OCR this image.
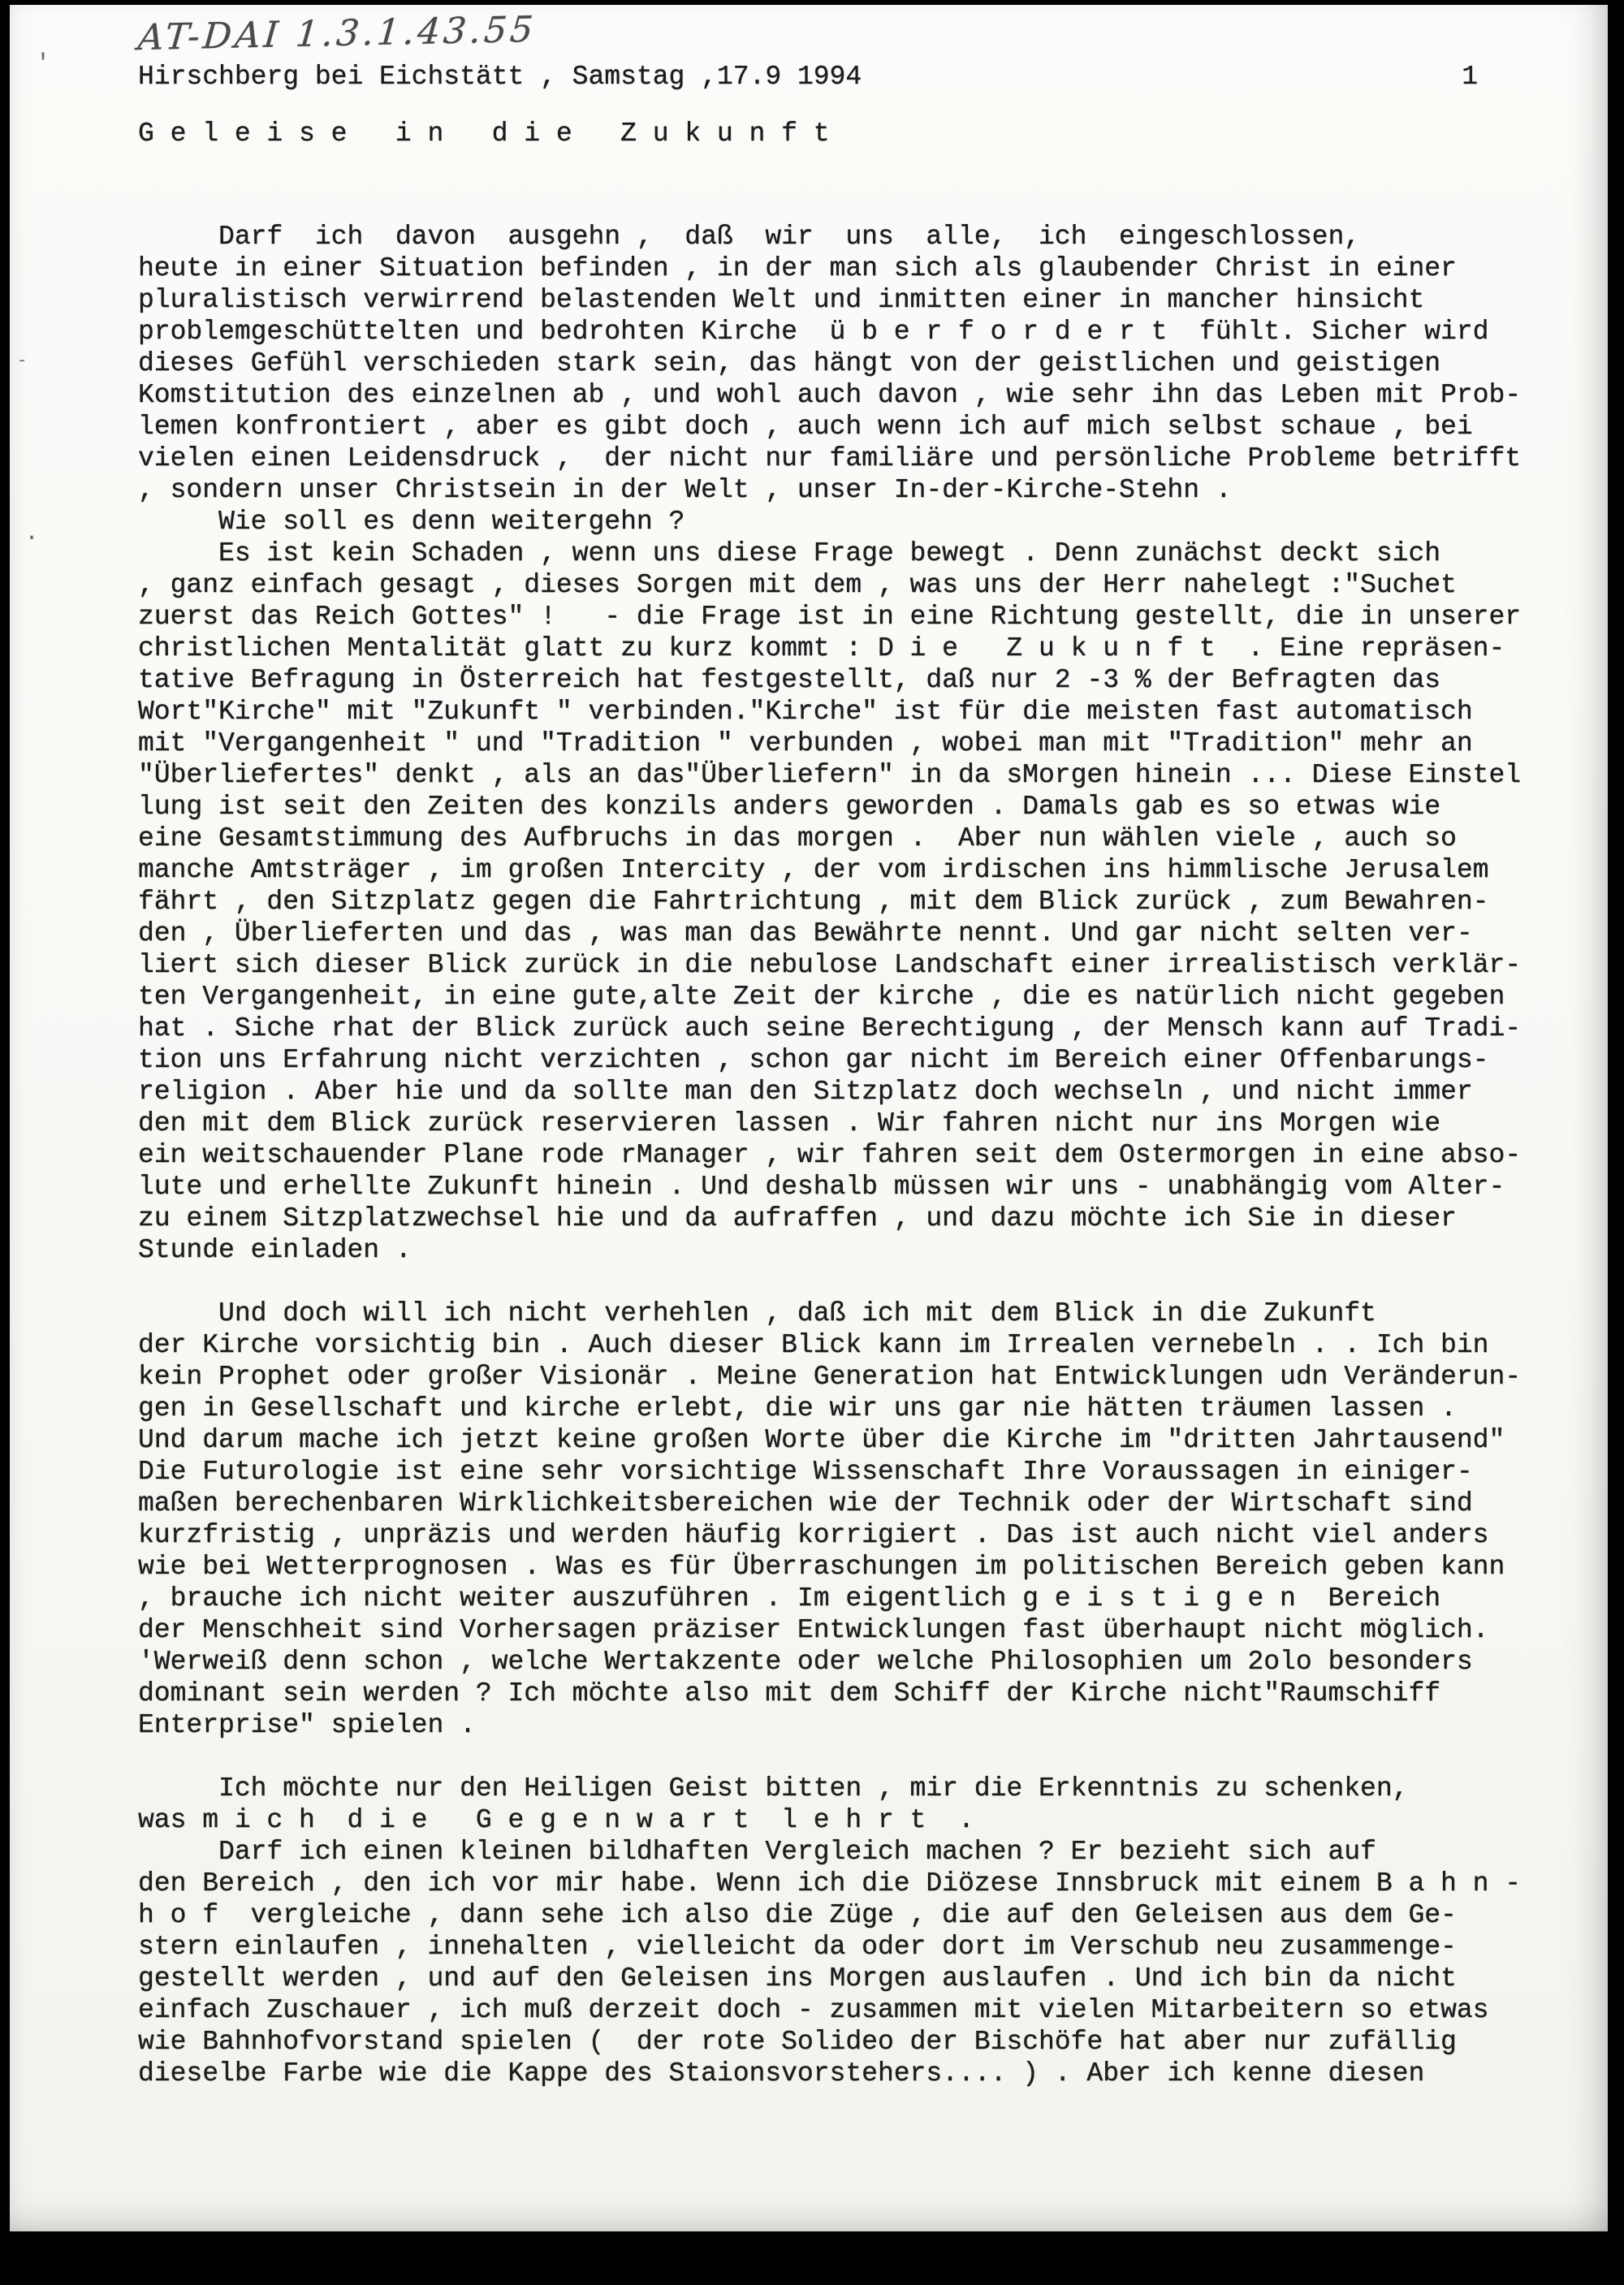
AT-DAI 1.3.1.43.55
Hirschberg bei Eichstätt , Samstag ,17.9 1994	1
G e l e i s e   i n   d i e   Z u k u n f t
Darf  ich  davon  ausgehn ,  daß  wir  uns  alle,  ich  eingeschlossen,
heute in einer Situation befinden , in der man sich als glaubender Christ in einer
pluralistisch verwirrend belastenden Welt und inmitten einer in mancher hinsicht
problemgeschüttelten und bedrohten Kirche  ü b e r f o r d e r t  fühlt. Sicher wird
dieses Gefühl verschieden stark sein, das hängt von der geistlichen und geistigen
Komstitution des einzelnen ab , und wohl auch davon , wie sehr ihn das Leben mit Prob-
lemen konfrontiert , aber es gibt doch , auch wenn ich auf mich selbst schaue , bei
vielen einen Leidensdruck ,  der nicht nur familiäre und persönliche Probleme betrifft
, sondern unser Christsein in der Welt , unser In-der-Kirche-Stehn .
Wie soll es denn weitergehn ?
Es ist kein Schaden , wenn uns diese Frage bewegt . Denn zunächst deckt sich
, ganz einfach gesagt , dieses Sorgen mit dem , was uns der Herr nahelegt :"Suchet
zuerst das Reich Gottes" !   - die Frage ist in eine Richtung gestellt, die in unserer
christlichen Mentalität glatt zu kurz kommt : D i e   Z u k u n f t  . Eine repräsen-
tative Befragung in Österreich hat festgestellt, daß nur 2 -3 % der Befragten das
Wort"Kirche" mit "Zukunft " verbinden."Kirche" ist für die meisten fast automatisch
mit "Vergangenheit " und "Tradition " verbunden , wobei man mit "Tradition" mehr an
"Überliefertes" denkt , als an das"Überliefern" in da sMorgen hinein ... Diese Einstel
lung ist seit den Zeiten des konzils anders geworden . Damals gab es so etwas wie
eine Gesamtstimmung des Aufbruchs in das morgen .  Aber nun wählen viele , auch so
manche Amtsträger , im großen Intercity , der vom irdischen ins himmlische Jerusalem
fährt , den Sitzplatz gegen die Fahrtrichtung , mit dem Blick zurück , zum Bewahren-
den , Überlieferten und das , was man das Bewährte nennt. Und gar nicht selten ver-
liert sich dieser Blick zurück in die nebulose Landschaft einer irrealistisch verklär-
ten Vergangenheit, in eine gute,alte Zeit der kirche , die es natürlich nicht gegeben
hat . Siche rhat der Blick zurück auch seine Berechtigung , der Mensch kann auf Tradi-
tion uns Erfahrung nicht verzichten , schon gar nicht im Bereich einer Offenbarungs-
religion . Aber hie und da sollte man den Sitzplatz doch wechseln , und nicht immer
den mit dem Blick zurück reservieren lassen . Wir fahren nicht nur ins Morgen wie
ein weitschauender Plane rode rManager , wir fahren seit dem Ostermorgen in eine abso-
lute und erhellte Zukunft hinein . Und deshalb müssen wir uns - unabhängig vom Alter-
zu einem Sitzplatzwechsel hie und da aufraffen , und dazu möchte ich Sie in dieser
Stunde einladen .
Und doch will ich nicht verhehlen , daß ich mit dem Blick in die Zukunft
der Kirche vorsichtig bin . Auch dieser Blick kann im Irrealen vernebeln . . Ich bin
kein Prophet oder großer Visionär . Meine Generation hat Entwicklungen udn Veränderun-
gen in Gesellschaft und kirche erlebt, die wir uns gar nie hätten träumen lassen .
Und darum mache ich jetzt keine großen Worte über die Kirche im "dritten Jahrtausend"
Die Futurologie ist eine sehr vorsichtige Wissenschaft Ihre Voraussagen in einiger-
maßen berechenbaren Wirklichkeitsbereichen wie der Technik oder der Wirtschaft sind
kurzfristig , unpräzis und werden häufig korrigiert . Das ist auch nicht viel anders
wie bei Wetterprognosen . Was es für Überraschungen im politischen Bereich geben kann
, brauche ich nicht weiter auszuführen . Im eigentlich g e i s t i g e n  Bereich
der Menschheit sind Vorhersagen präziser Entwicklungen fast überhaupt nicht möglich.
'Werweiß denn schon , welche Wertakzente oder welche Philosophien um 2olo besonders
dominant sein werden ? Ich möchte also mit dem Schiff der Kirche nicht"Raumschiff
Enterprise" spielen .
Ich möchte nur den Heiligen Geist bitten , mir die Erkenntnis zu schenken,
was m i c h  d i e   G e g e n w a r t  l e h r t  .
Darf ich einen kleinen bildhaften Vergleich machen ? Er bezieht sich auf
den Bereich , den ich vor mir habe. Wenn ich die Diözese Innsbruck mit einem B a h n -
h o f  vergleiche , dann sehe ich also die Züge , die auf den Geleisen aus dem Ge-
stern einlaufen , innehalten , vielleicht da oder dort im Verschub neu zusammenge-
gestellt werden , und auf den Geleisen ins Morgen auslaufen . Und ich bin da nicht
einfach Zuschauer , ich muß derzeit doch - zusammen mit vielen Mitarbeitern so etwas
wie Bahnhofvorstand spielen (  der rote Solideo der Bischöfe hat aber nur zufällig
dieselbe Farbe wie die Kappe des Staionsvorstehers.... ) . Aber ich kenne diesen
'
-
.
